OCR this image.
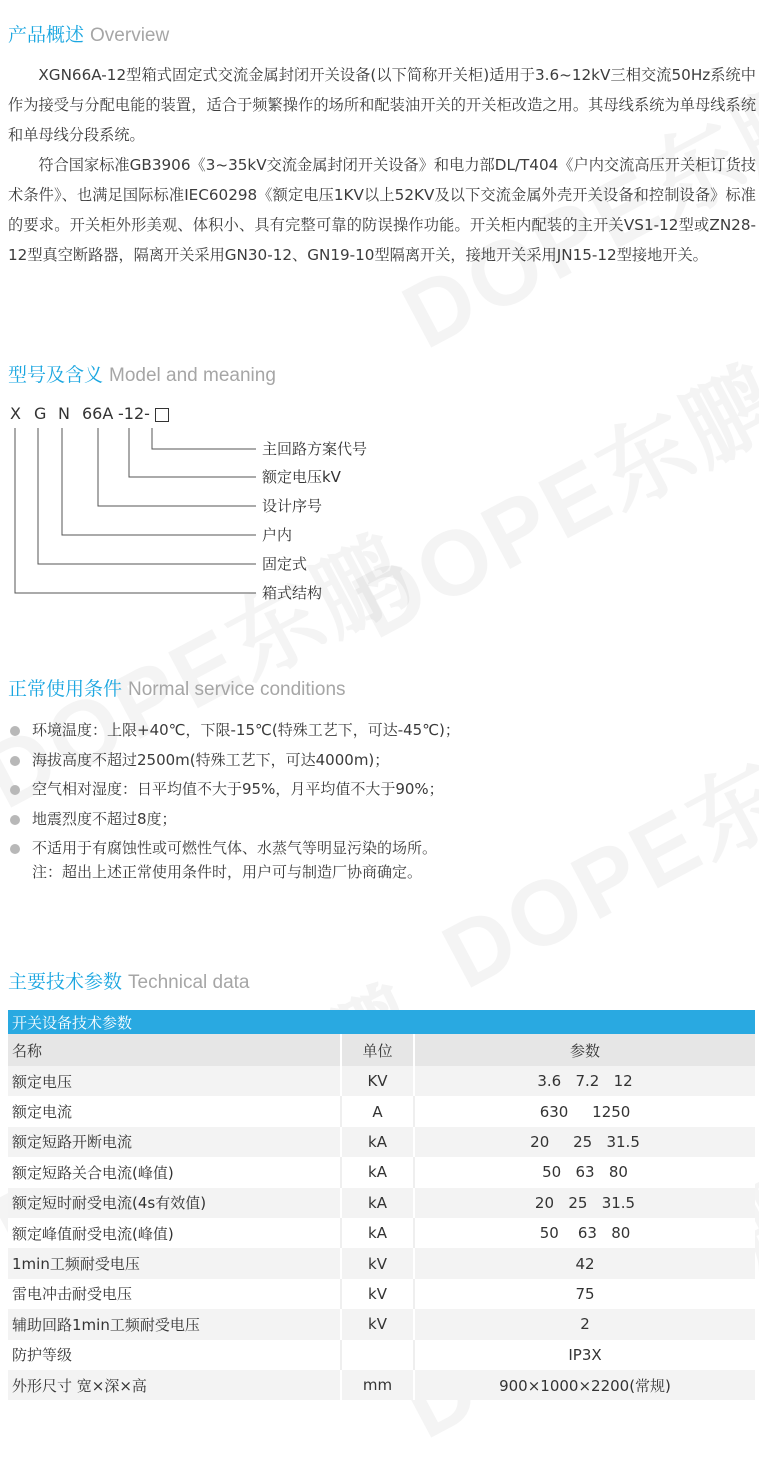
产品概述 Overview

XGN66A-12型箱式固定式交流金属封闭开关设备(以下简称开关柜)适用于3.6~12kV三相交流50Hz系统中作为接受与分配电能的装置，适合于频繁操作的场所和配装油开关的开关柜改造之用。其母线系统为单母线系统和单母线分段系统。

符合国家标准GB3906《3~35kV交流金属封闭开关设备》和电力部DL/T404《户内交流高压开关柜订货技术条件》、也满足国际标准IEC60298《额定电压1KV以上52KV及以下交流金属外壳开关设备和控制设备》标准的要求。开关柜外形美观、体积小、具有完整可靠的防误操作功能。开关柜内配装的主开关VS1-12型或ZN28-12型真空断路器，隔离开关采用GN30-12、GN19-10型隔离开关，接地开关采用JN15-12型接地开关。

型号及含义 Model and meaning
X G N 66A -12-
主回路方案代号
额定电压kV
设计序号
户内
固定式
箱式结构
正常使用条件 Normal service conditions
环境温度：上限+40℃，下限-15℃(特殊工艺下，可达-45℃)；
海拔高度不超过2500m(特殊工艺下，可达4000m)；
空气相对湿度：日平均值不大于95%，月平均值不大于90%；
地震烈度不超过8度；
不适用于有腐蚀性或可燃性气体、水蒸气等明显污染的场所。
注：超出上述正常使用条件时，用户可与制造厂协商确定。
主要技术参数 Technical data
开关设备技术参数		
名称	单位	参数
额定电压	KV	3.6   7.2   12
额定电流	A	630     1250
额定短路开断电流	kA	20     25   31.5
额定短路关合电流(峰值)	kA	50   63   80
额定短时耐受电流(4s有效值)	kA	20   25   31.5
额定峰值耐受电流(峰值)	kA	50    63   80
1min工频耐受电压	kV	42
雷电冲击耐受电压	kV	75
辅助回路1min工频耐受电压	kV	2
防护等级		IP3X
外形尺寸 宽×深×高	mm	900×1000×2200(常规)
